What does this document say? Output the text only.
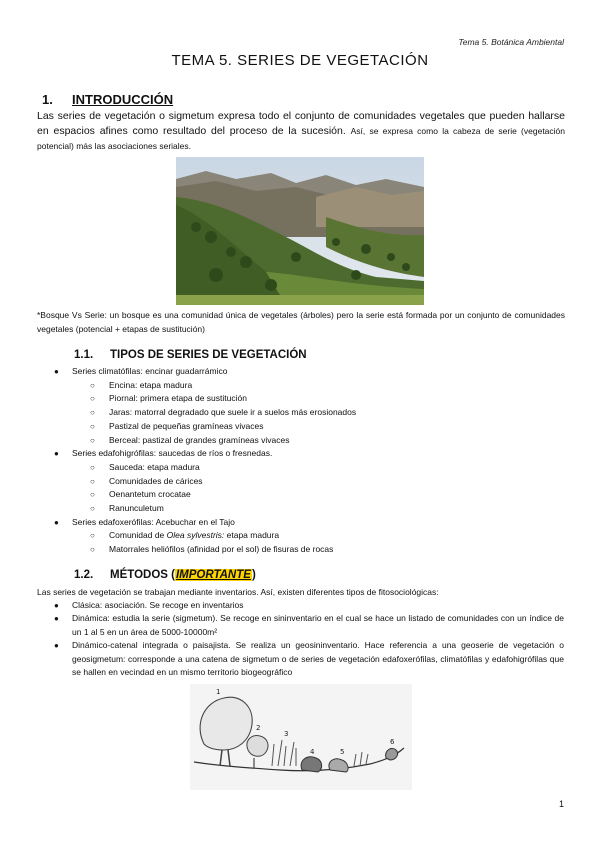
Tema 5. Botánica Ambiental
TEMA 5. SERIES DE VEGETACIÓN
1. INTRODUCCIÓN
Las series de vegetación o sigmetum expresa todo el conjunto de comunidades vegetales que pueden hallarse en espacios afines como resultado del proceso de la sucesión. Así, se expresa como la cabeza de serie (vegetación potencial) más las asociaciones seriales.
*Bosque Vs Serie: un bosque es una comunidad única de vegetales (árboles) pero la serie está formada por un conjunto de comunidades vegetales (potencial + etapas de sustitución)
1.1. TIPOS DE SERIES DE VEGETACIÓN
●	Series climatófilas: encinar guadarrámico
○ Encina: etapa madura
○ Piornal: primera etapa de sustitución
○ Jaras: matorral degradado que suele ir a suelos más erosionados
○ Pastizal de pequeñas gramíneas vivaces
○ Berceal: pastizal de grandes gramíneas vivaces
●	Series edafohigrófilas: saucedas de ríos o fresnedas.
○ Sauceda: etapa madura
○ Comunidades de cárices
○ Oenantetum crocatae
○ Ranunculetum
●	Series edafoxerófilas: Acebuchar en el Tajo
○ Comunidad de Olea sylvestris: etapa madura
○ Matorrales heliófilos (afinidad por el sol) de fisuras de rocas
1.2. MÉTODOS (IMPORTANTE)
Las series de vegetación se trabajan mediante inventarios. Así, existen diferentes tipos de fitosociológicas:
● Clásica: asociación. Se recoge en inventarios
● Dinámica: estudia la serie (sigmetum). Se recoge en sininventario en el cual se hace un listado de comunidades con un índice de un 1 al 5 en un área de 5000-10000m²
● Dinámico-catenal integrada o paisajista. Se realiza un geosininventario. Hace referencia a una geoserie de vegetación o geosigmetum: corresponde a una catena de sigmetum o de series de vegetación edafoxerófilas, climatófilas y edafohigrófilas que se hallen en vecindad en un mismo territorio biogeográfico
1
2
3
4	5
6
1
